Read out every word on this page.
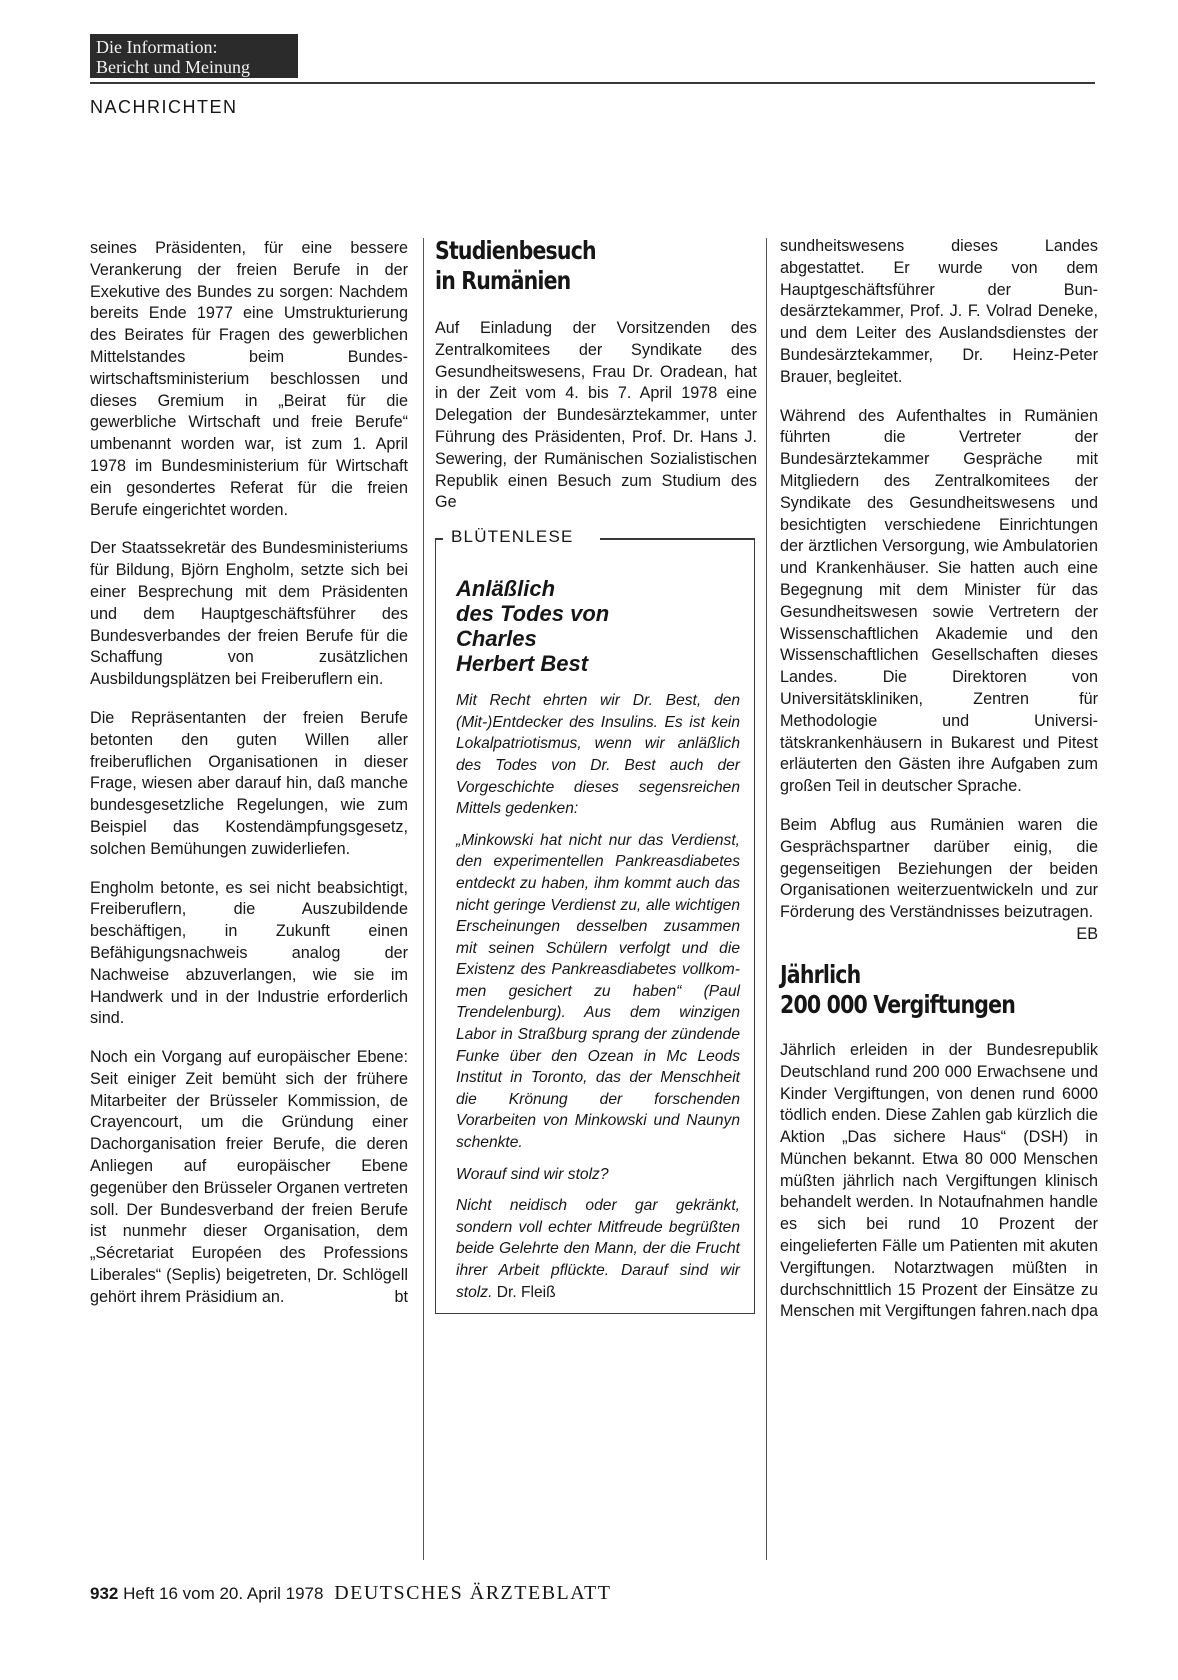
Die Information:
Bericht und Meinung
NACHRICHTEN

seines Präsidenten, für eine bessere Verankerung der freien Berufe in der Exekutive des Bundes zu sorgen: Nachdem bereits Ende 1977 eine Umstrukturierung des Beirates für Fragen des gewerblichen Mittelstandes beim Bundeswirtschaftsministerium beschlossen und dieses Gremium in „Beirat für die gewerbliche Wirtschaft und freie Berufe“ umbenannt worden war, ist zum 1. April 1978 im Bundesministerium für Wirtschaft ein gesondertes Referat für die freien Berufe eingerichtet worden.

Der Staatssekretär des Bundesministeriums für Bildung, Björn Engholm, setzte sich bei einer Besprechung mit dem Präsidenten und dem Hauptgeschäftsführer des Bundesverbandes der freien Berufe für die Schaffung von zusätzlichen Ausbildungsplätzen bei Freiberuflern ein.

Die Repräsentanten der freien Berufe betonten den guten Willen aller freiberuflichen Organisationen in dieser Frage, wiesen aber darauf hin, daß manche bundesgesetzliche Regelungen, wie zum Beispiel das Kostendämpfungsgesetz, solchen Bemühungen zuwiderliefen.

Engholm betonte, es sei nicht beabsichtigt, Freiberuflern, die Auszubildende beschäftigen, in Zukunft einen Befähigungsnachweis analog der Nachweise abzuverlangen, wie sie im Handwerk und in der Industrie erforderlich sind.

Noch ein Vorgang auf europäischer Ebene: Seit einiger Zeit bemüht sich der frühere Mitarbeiter der Brüsseler Kommission, de Crayencourt, um die Gründung einer Dachorganisation freier Berufe, die deren Anliegen auf europäischer Ebene gegenüber den Brüsseler Organen vertreten soll. Der Bundesverband der freien Berufe ist nunmehr dieser Organisation, dem „Sécretariat Européen des Professions Liberales“ (Seplis) beigetreten, Dr. Schlögell gehört ihrem Präsidium an.	bt

Studienbesuch
in Rumänien

Auf Einladung der Vorsitzenden des Zentralkomitees der Syndikate des Gesundheitswesens, Frau Dr. Oradean, hat in der Zeit vom 4. bis 7. April 1978 eine Delegation der Bundesärztekammer, unter Führung des Präsidenten, Prof. Dr. Hans J. Sewering, der Rumänischen Sozialistischen Republik einen Besuch zum Studium des Ge

BLÜTENLESE
Anläßlich
des Todes von
Charles
Herbert Best

Mit Recht ehrten wir Dr. Best, den (Mit-)Entdecker des Insulins. Es ist kein Lokalpatriotismus, wenn wir anläßlich des Todes von Dr. Best auch der Vorgeschichte dieses segensreichen Mittels gedenken:

„Minkowski hat nicht nur das Verdienst, den experimentellen Pankreasdiabetes entdeckt zu haben, ihm kommt auch das nicht geringe Verdienst zu, alle wichtigen Erscheinungen desselben zusammen mit seinen Schülern verfolgt und die Existenz des Pankreasdiabetes vollkommen gesichert zu haben“ (Paul Trendelenburg). Aus dem winzigen Labor in Straßburg sprang der zündende Funke über den Ozean in Mc Leods Institut in Toronto, das der Menschheit die Krönung der forschenden Vorarbeiten von Minkowski und Naunyn schenkte.

Worauf sind wir stolz?

Nicht neidisch oder gar gekränkt, sondern voll echter Mitfreude begrüßten beide Gelehrte den Mann, der die Frucht ihrer Arbeit pflückte. Darauf sind wir stolz. Dr. Fleiß

sundheitswesens dieses Landes abgestattet. Er wurde von dem Hauptgeschäftsführer der Bundesärztekammer, Prof. J. F. Volrad Deneke, und dem Leiter des Auslandsdienstes der Bundesärztekammer, Dr. Heinz-Peter Brauer, begleitet.

Während des Aufenthaltes in Rumänien führten die Vertreter der Bundesärztekammer Gespräche mit Mitgliedern des Zentralkomitees der Syndikate des Gesundheitswesens und besichtigten verschiedene Einrichtungen der ärztlichen Versorgung, wie Ambulatorien und Krankenhäuser. Sie hatten auch eine Begegnung mit dem Minister für das Gesundheitswesen sowie Vertretern der Wissenschaftlichen Akademie und den Wissenschaftlichen Gesellschaften dieses Landes. Die Direktoren von Universitätskliniken, Zentren für Methodologie und Universitätskrankenhäusern in Bukarest und Pitest erläuterten den Gästen ihre Aufgaben zum großen Teil in deutscher Sprache.

Beim Abflug aus Rumänien waren die Gesprächspartner darüber einig, die gegenseitigen Beziehungen der beiden Organisationen weiterzuentwickeln und zur Förderung des Verständnisses beizutragen.
EB

Jährlich
200 000 Vergiftungen

Jährlich erleiden in der Bundesrepublik Deutschland rund 200 000 Erwachsene und Kinder Vergiftungen, von denen rund 6000 tödlich enden. Diese Zahlen gab kürzlich die Aktion „Das sichere Haus“ (DSH) in München bekannt. Etwa 80 000 Menschen müßten jährlich nach Vergiftungen klinisch behandelt werden. In Notaufnahmen handle es sich bei rund 10 Prozent der eingelieferten Fälle um Patienten mit akuten Vergiftungen. Notarztwagen müßten in durchschnittlich 15 Prozent der Einsätze zu Menschen mit Vergiftungen fahren. nach dpa

932 Heft 16 vom 20. April 1978 DEUTSCHES ÄRZTEBLATT
